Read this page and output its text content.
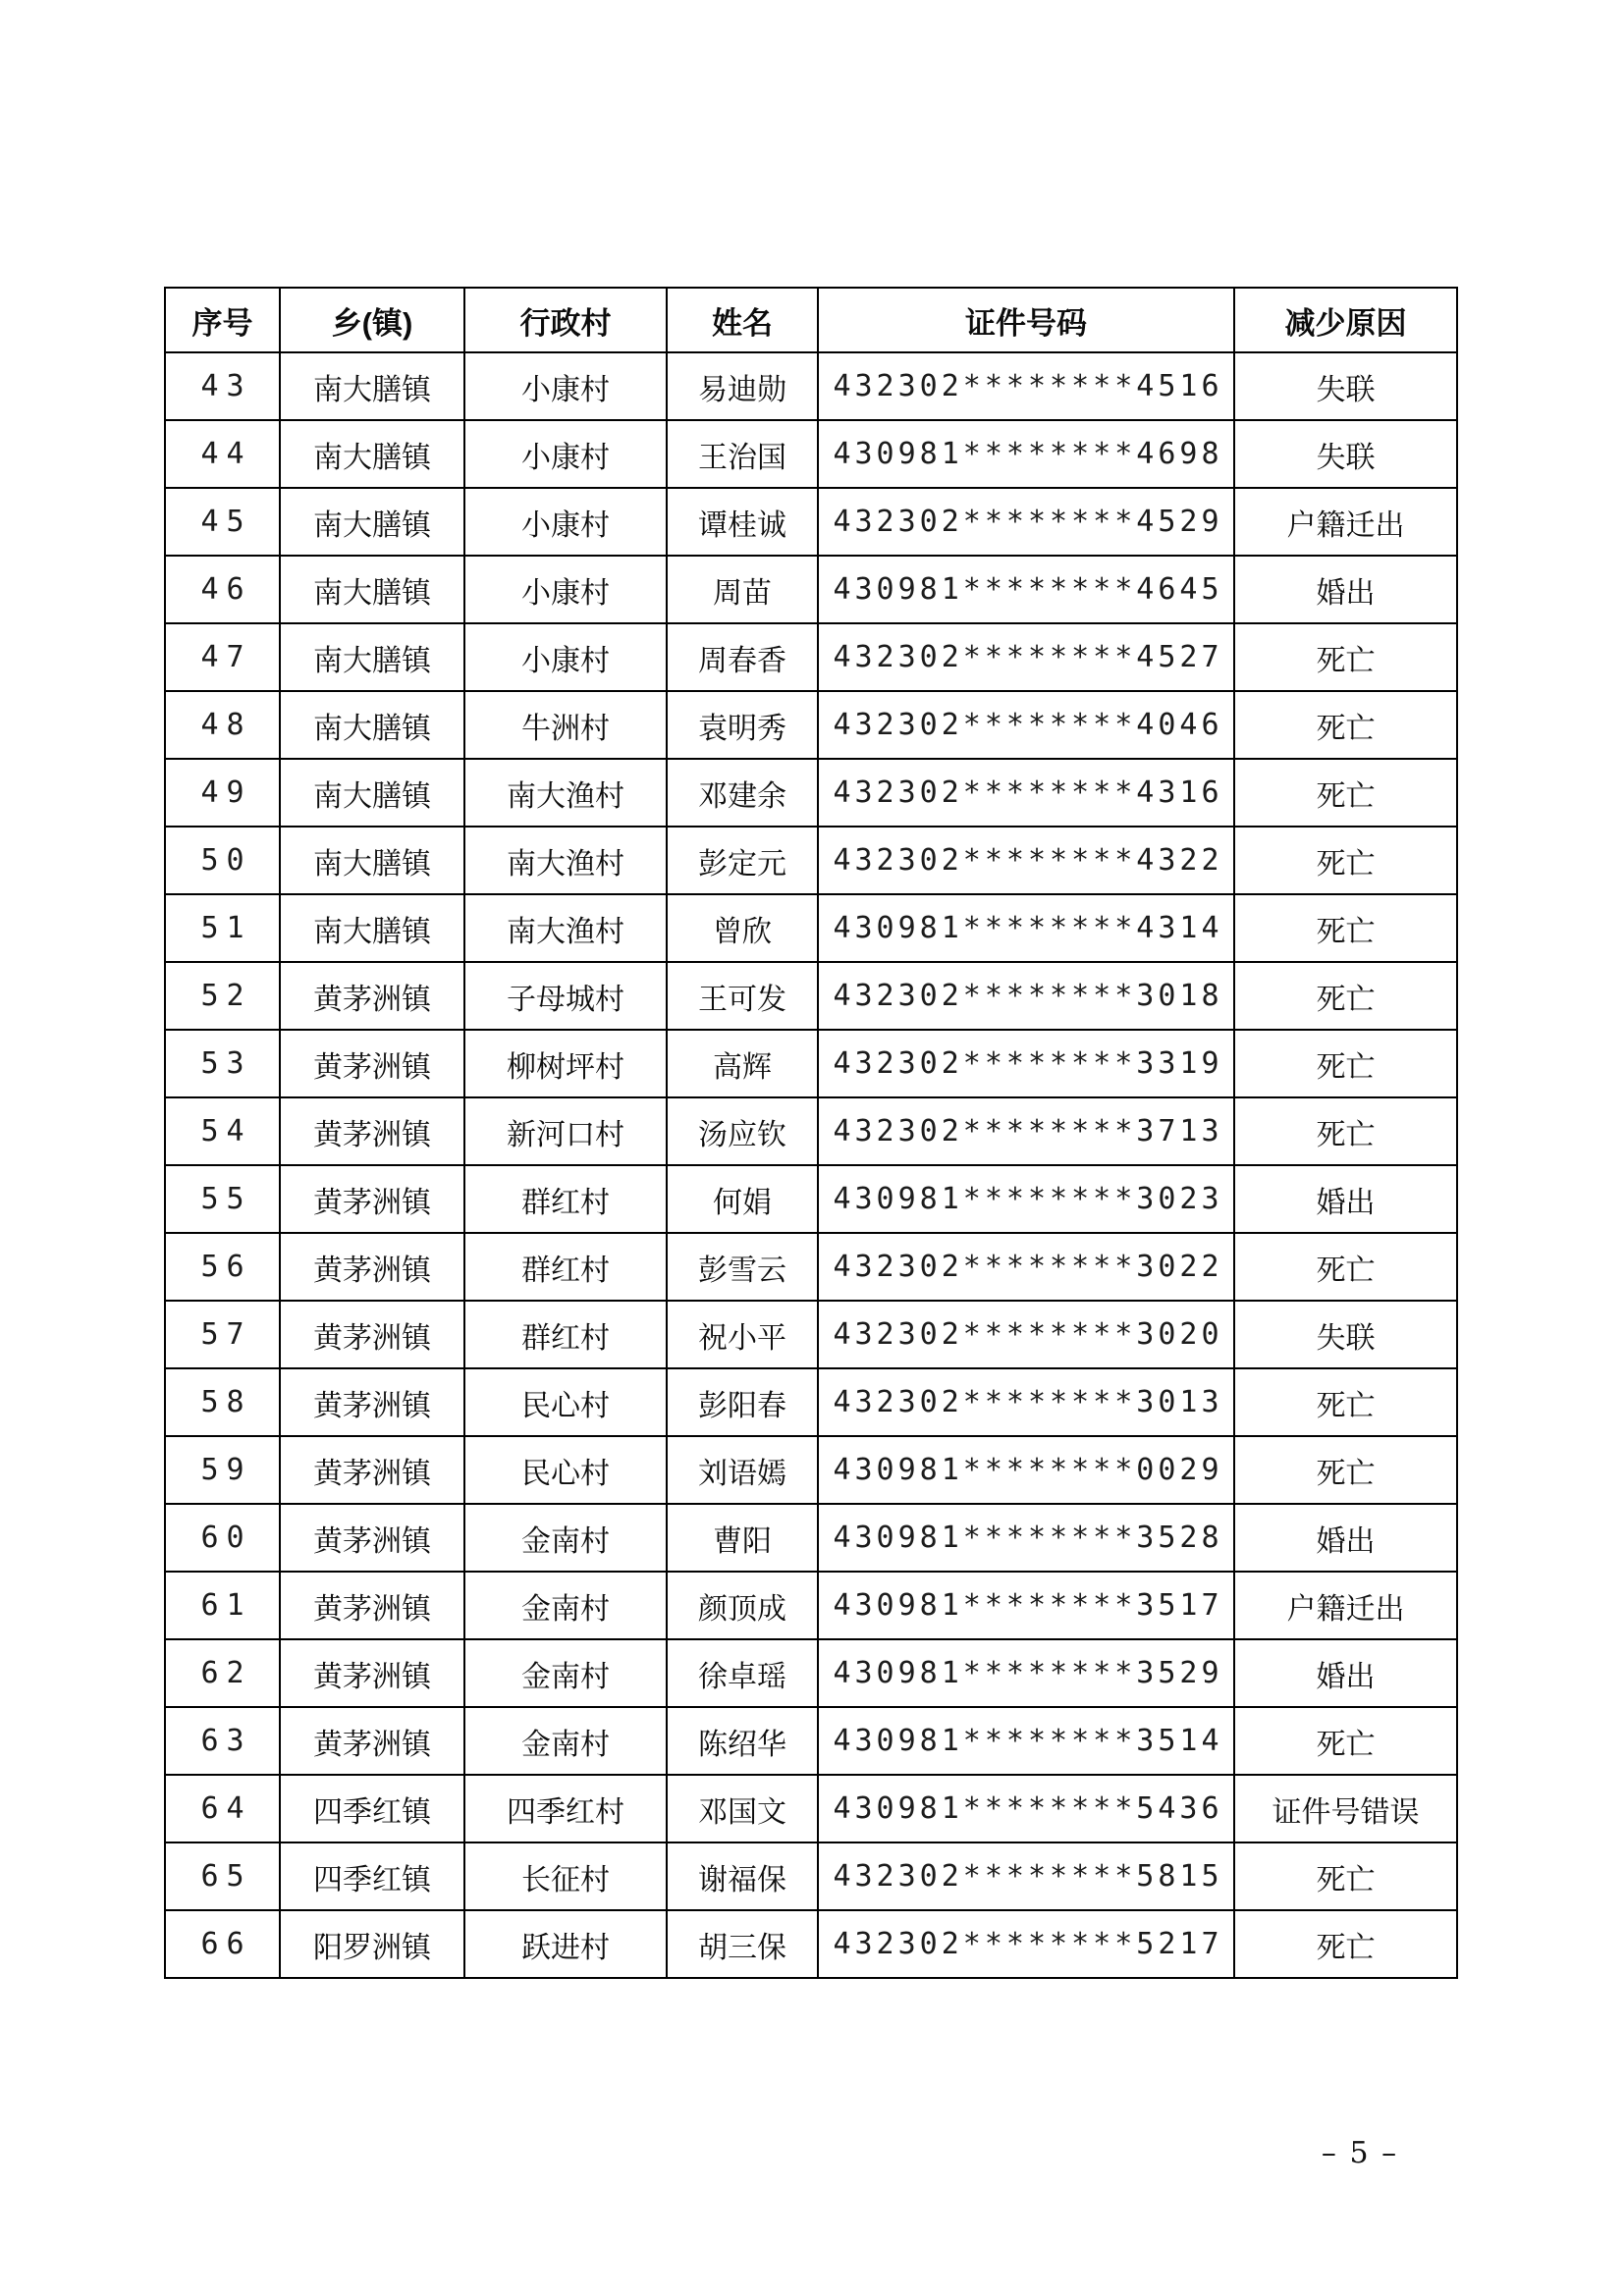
序号	乡(镇)	行政村	姓名	证件号码	减少原因
43	南大膳镇	小康村	易迪勋	432302********4516	失联
44	南大膳镇	小康村	王治国	430981********4698	失联
45	南大膳镇	小康村	谭桂诚	432302********4529	户籍迁出
46	南大膳镇	小康村	周苗	430981********4645	婚出
47	南大膳镇	小康村	周春香	432302********4527	死亡
48	南大膳镇	牛洲村	袁明秀	432302********4046	死亡
49	南大膳镇	南大渔村	邓建余	432302********4316	死亡
50	南大膳镇	南大渔村	彭定元	432302********4322	死亡
51	南大膳镇	南大渔村	曾欣	430981********4314	死亡
52	黄茅洲镇	子母城村	王可发	432302********3018	死亡
53	黄茅洲镇	柳树坪村	高辉	432302********3319	死亡
54	黄茅洲镇	新河口村	汤应钦	432302********3713	死亡
55	黄茅洲镇	群红村	何娟	430981********3023	婚出
56	黄茅洲镇	群红村	彭雪云	432302********3022	死亡
57	黄茅洲镇	群红村	祝小平	432302********3020	失联
58	黄茅洲镇	民心村	彭阳春	432302********3013	死亡
59	黄茅洲镇	民心村	刘语嫣	430981********0029	死亡
60	黄茅洲镇	金南村	曹阳	430981********3528	婚出
61	黄茅洲镇	金南村	颜顶成	430981********3517	户籍迁出
62	黄茅洲镇	金南村	徐卓瑶	430981********3529	婚出
63	黄茅洲镇	金南村	陈绍华	430981********3514	死亡
64	四季红镇	四季红村	邓国文	430981********5436	证件号错误
65	四季红镇	长征村	谢福保	432302********5815	死亡
66	阳罗洲镇	跃进村	胡三保	432302********5217	死亡
– 5 –
